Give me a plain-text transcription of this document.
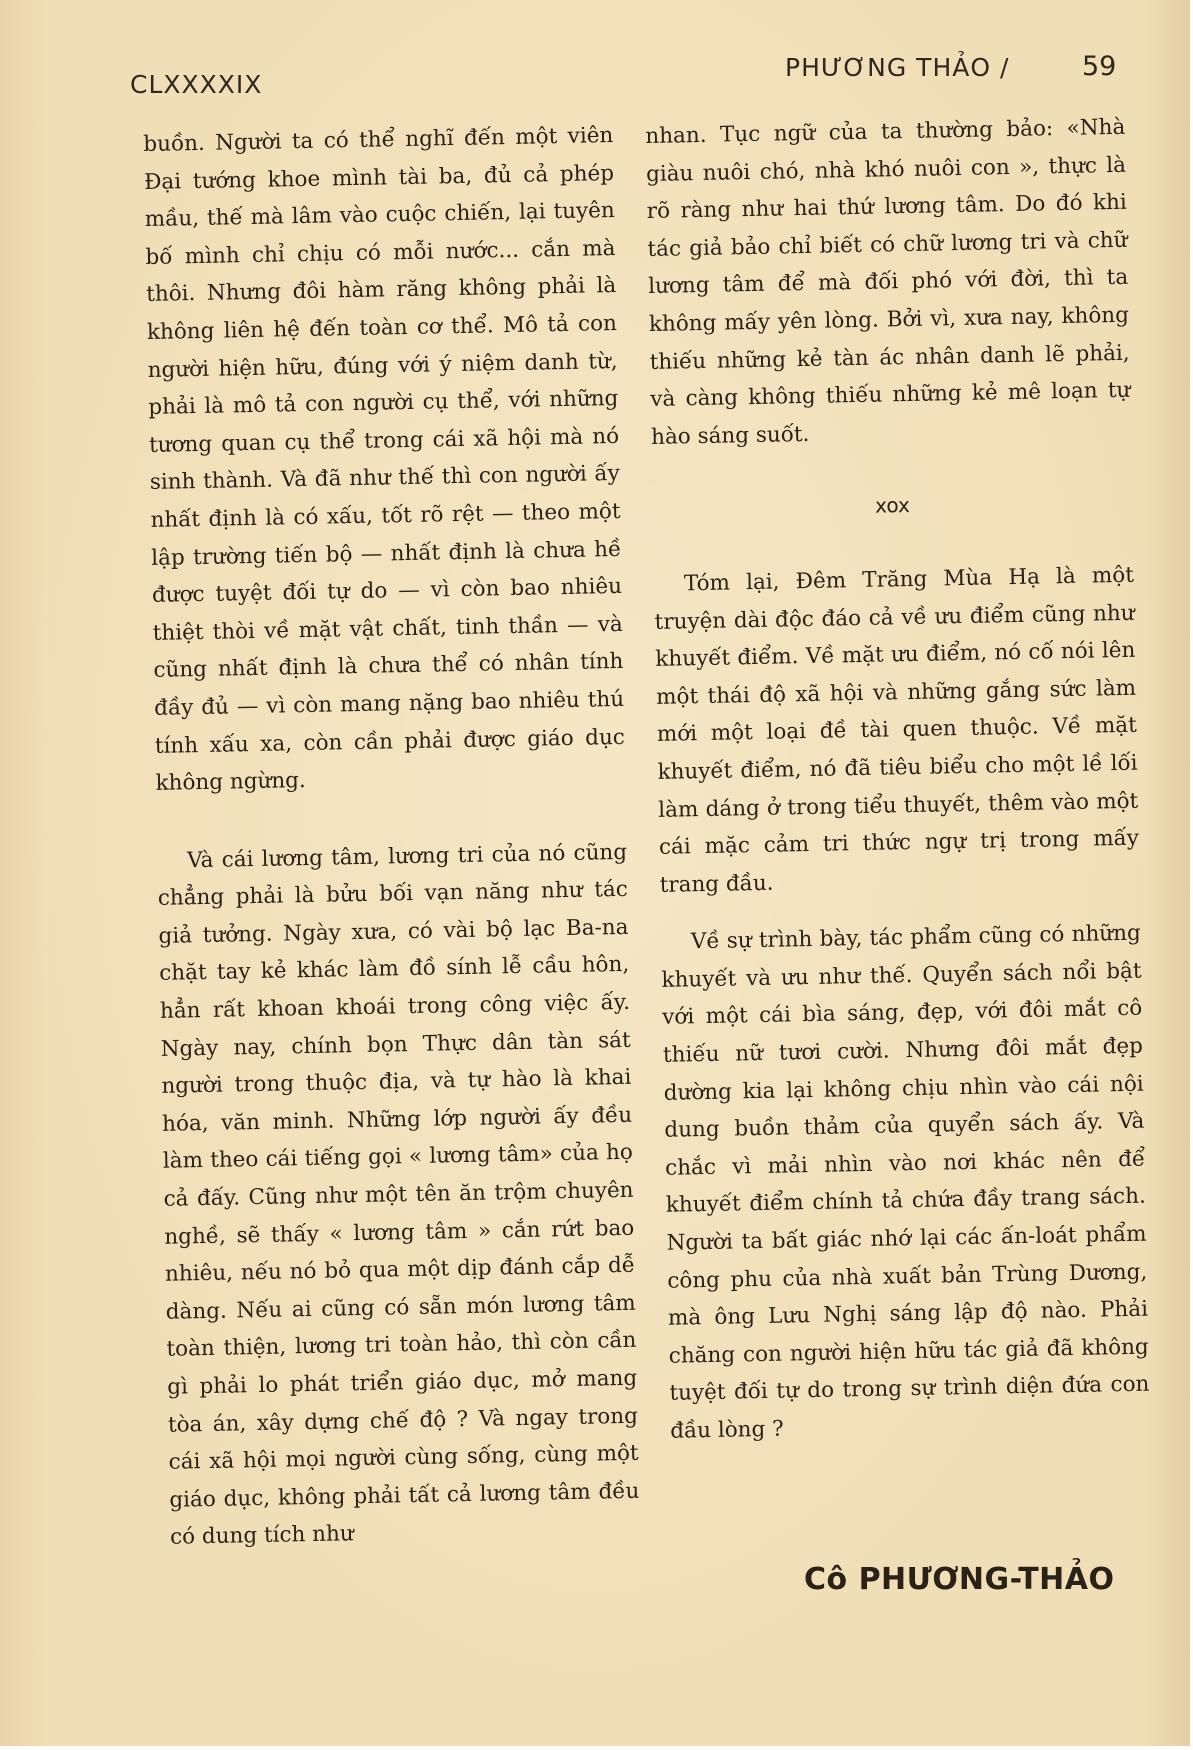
CLXXXXIX
PHƯƠNG THẢO /	59

buồn. Người ta có thể nghĩ đến một viên Đại tướng khoe mình tài ba, đủ cả phép mầu, thế mà lâm vào cuộc chiến, lại tuyên bố mình chỉ chịu có mỗi nước... cắn mà thôi. Nhưng đôi hàm răng không phải là không liên hệ đến toàn cơ thể. Mô tả con người hiện hữu, đúng với ý niệm danh từ, phải là mô tả con người cụ thể, với những tương quan cụ thể trong cái xã hội mà nó sinh thành. Và đã như thế thì con người ấy nhất định là có xấu, tốt rõ rệt — theo một lập trường tiến bộ — nhất định là chưa hề được tuyệt đối tự do — vì còn bao nhiêu thiệt thòi về mặt vật chất, tinh thần — và cũng nhất định là chưa thể có nhân tính đầy đủ — vì còn mang nặng bao nhiêu thú tính xấu xa, còn cần phải được giáo dục không ngừng.

Và cái lương tâm, lương tri của nó cũng chẳng phải là bửu bối vạn năng như tác giả tưởng. Ngày xưa, có vài bộ lạc Ba-na chặt tay kẻ khác làm đồ sính lễ cầu hôn, hẳn rất khoan khoái trong công việc ấy. Ngày nay, chính bọn Thực dân tàn sát người trong thuộc địa, và tự hào là khai hóa, văn minh. Những lớp người ấy đều làm theo cái tiếng gọi « lương tâm» của họ cả đấy. Cũng như một tên ăn trộm chuyên nghề, sẽ thấy « lương tâm » cắn rứt bao nhiêu, nếu nó bỏ qua một dịp đánh cắp dễ dàng. Nếu ai cũng có sẵn món lương tâm toàn thiện, lương tri toàn hảo, thì còn cần gì phải lo phát triển giáo dục, mở mang tòa án, xây dựng chế độ ? Và ngay trong cái xã hội mọi người cùng sống, cùng một giáo dục, không phải tất cả lương tâm đều có dung tích như

nhan. Tục ngữ của ta thường bảo: «Nhà giàu nuôi chó, nhà khó nuôi con », thực là rõ ràng như hai thứ lương tâm. Do đó khi tác giả bảo chỉ biết có chữ lương tri và chữ lương tâm để mà đối phó với đời, thì ta không mấy yên lòng. Bởi vì, xưa nay, không thiếu những kẻ tàn ác nhân danh lẽ phải, và càng không thiếu những kẻ mê loạn tự hào sáng suốt.

xox

Tóm lại, Đêm Trăng Mùa Hạ là một truyện dài độc đáo cả về ưu điểm cũng như khuyết điểm. Về mặt ưu điểm, nó cố nói lên một thái độ xã hội và những gắng sức làm mới một loại đề tài quen thuộc. Về mặt khuyết điểm, nó đã tiêu biểu cho một lề lối làm dáng ở trong tiểu thuyết, thêm vào một cái mặc cảm tri thức ngự trị trong mấy trang đầu.

Về sự trình bày, tác phẩm cũng có những khuyết và ưu như thế. Quyển sách nổi bật với một cái bìa sáng, đẹp, với đôi mắt cô thiếu nữ tươi cười. Nhưng đôi mắt đẹp dường kia lại không chịu nhìn vào cái nội dung buồn thảm của quyển sách ấy. Và chắc vì mải nhìn vào nơi khác nên để khuyết điểm chính tả chứa đầy trang sách. Người ta bất giác nhớ lại các ấn-loát phẩm công phu của nhà xuất bản Trùng Dương, mà ông Lưu Nghị sáng lập độ nào. Phải chăng con người hiện hữu tác giả đã không tuyệt đối tự do trong sự trình diện đứa con đầu lòng ?

Cô PHƯƠNG-THẢO
